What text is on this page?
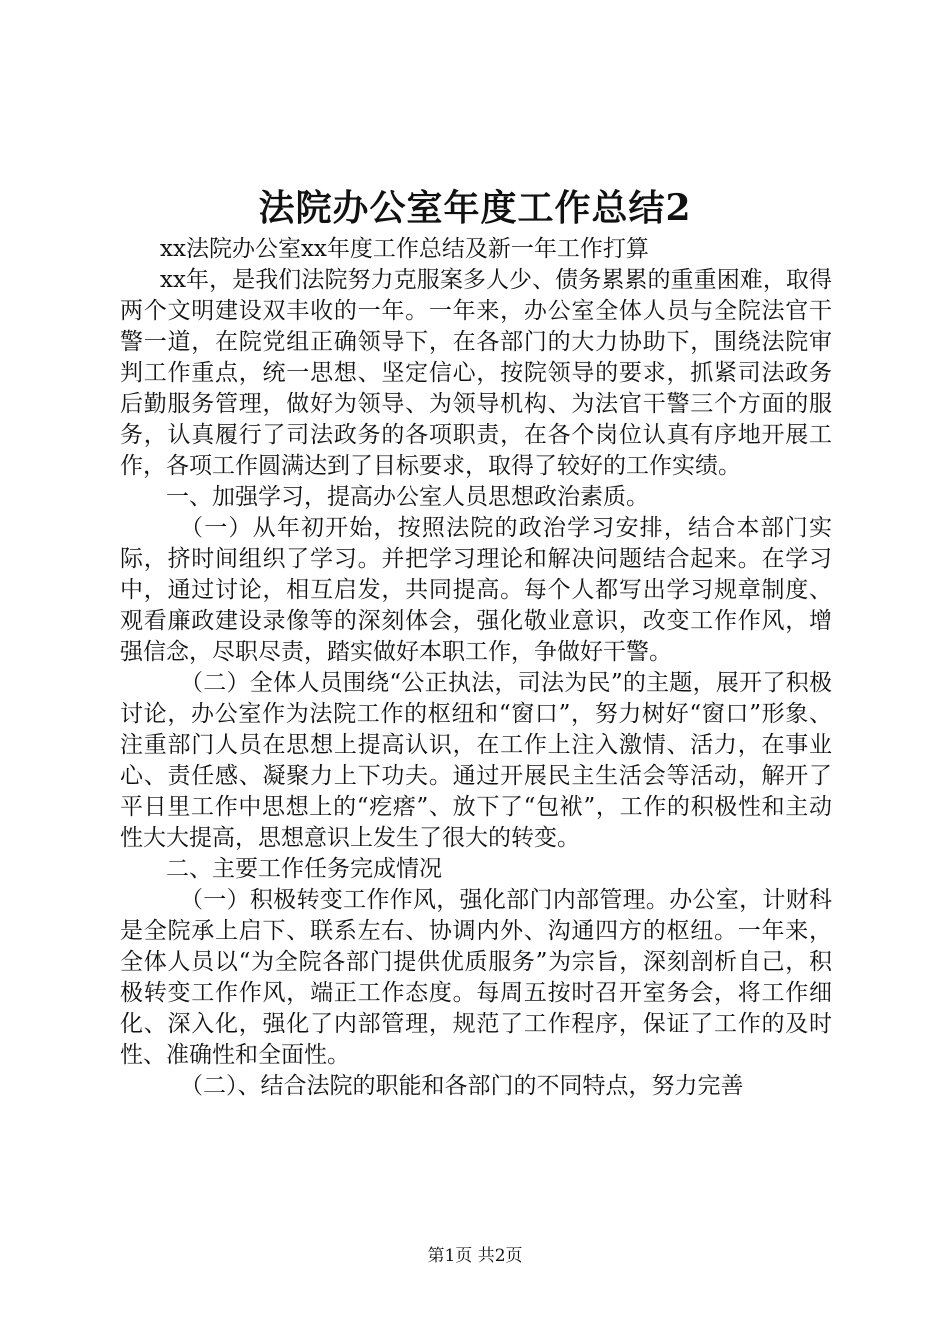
法院办公室年度工作总结2

xx法院办公室xx年度工作总结及新一年工作打算

xx年，是我们法院努力克服案多人少、债务累累的重重困难，取得两个文明建设双丰收的一年。一年来，办公室全体人员与全院法官干警一道，在院党组正确领导下，在各部门的大力协助下，围绕法院审判工作重点，统一思想、坚定信心，按院领导的要求，抓紧司法政务后勤服务管理，做好为领导、为领导机构、为法官干警三个方面的服务，认真履行了司法政务的各项职责，在各个岗位认真有序地开展工作，各项工作圆满达到了目标要求，取得了较好的工作实绩。

一、加强学习，提高办公室人员思想政治素质。

（一）从年初开始，按照法院的政治学习安排，结合本部门实际，挤时间组织了学习。并把学习理论和解决问题结合起来。在学习中，通过讨论，相互启发，共同提高。每个人都写出学习规章制度、观看廉政建设录像等的深刻体会，强化敬业意识，改变工作作风，增强信念，尽职尽责，踏实做好本职工作，争做好干警。

（二）全体人员围绕“公正执法，司法为民”的主题，展开了积极讨论，办公室作为法院工作的枢纽和“窗口”，努力树好“窗口”形象、注重部门人员在思想上提高认识，在工作上注入激情、活力，在事业心、责任感、凝聚力上下功夫。通过开展民主生活会等活动，解开了平日里工作中思想上的“疙瘩”、放下了“包袱”，工作的积极性和主动性大大提高，思想意识上发生了很大的转变。

二、主要工作任务完成情况

（一）积极转变工作作风，强化部门内部管理。办公室，计财科是全院承上启下、联系左右、协调内外、沟通四方的枢纽。一年来，全体人员以“为全院各部门提供优质服务”为宗旨，深刻剖析自己，积极转变工作作风，端正工作态度。每周五按时召开室务会，将工作细化、深入化，强化了内部管理，规范了工作程序，保证了工作的及时性、准确性和全面性。

（二）、结合法院的职能和各部门的不同特点，努力完善

第1页 共2页
